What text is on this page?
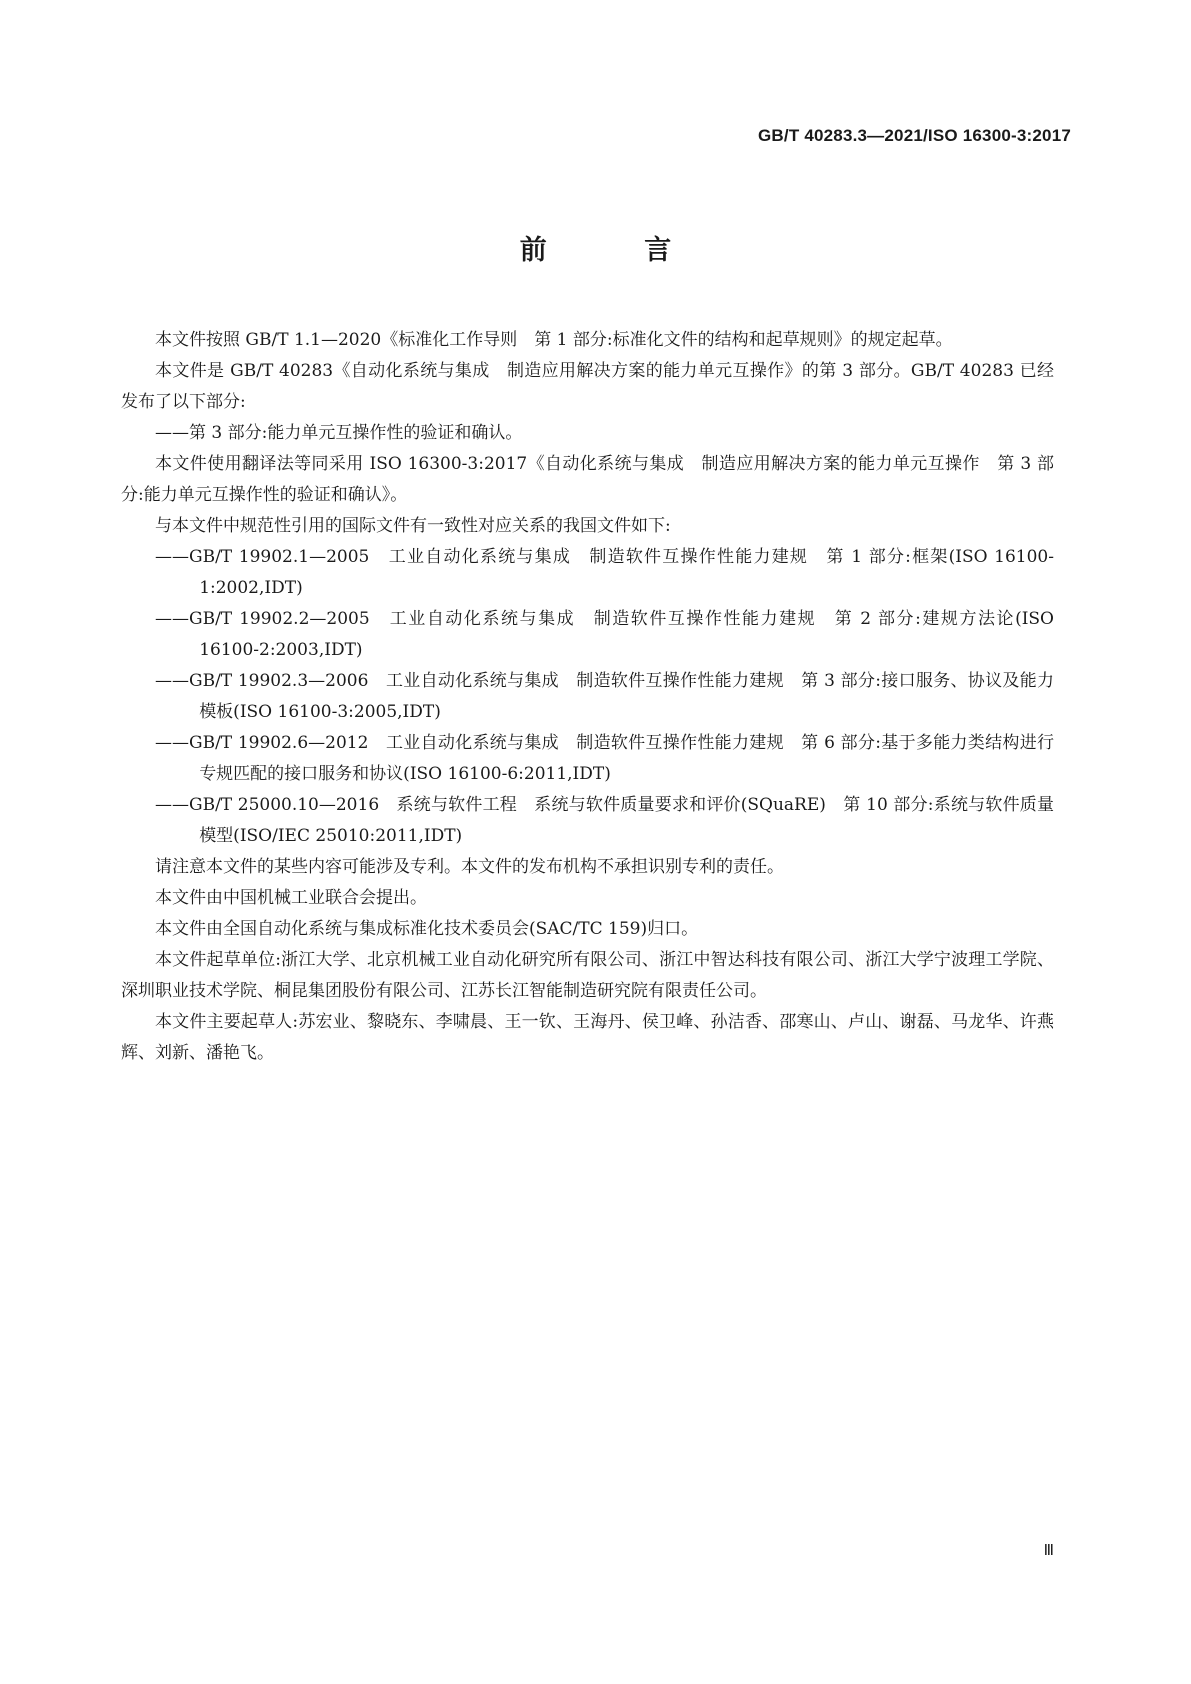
GB/T 40283.3—2021/ISO 16300-3:2017
前 言

本文件按照 GB/T 1.1—2020《标准化工作导则　第 1 部分:标准化文件的结构和起草规则》的规定起草。

本文件是 GB/T 40283《自动化系统与集成　制造应用解决方案的能力单元互操作》的第 3 部分。GB/T 40283 已经发布了以下部分:

——第 3 部分:能力单元互操作性的验证和确认。

本文件使用翻译法等同采用 ISO 16300-3:2017《自动化系统与集成　制造应用解决方案的能力单元互操作　第 3 部分:能力单元互操作性的验证和确认》。

与本文件中规范性引用的国际文件有一致性对应关系的我国文件如下:

——GB/T 19902.1—2005　工业自动化系统与集成　制造软件互操作性能力建规　第 1 部分:框架(ISO 16100-1:2002,IDT)

——GB/T 19902.2—2005　工业自动化系统与集成　制造软件互操作性能力建规　第 2 部分:建规方法论(ISO 16100-2:2003,IDT)

——GB/T 19902.3—2006　工业自动化系统与集成　制造软件互操作性能力建规　第 3 部分:接口服务、协议及能力模板(ISO 16100-3:2005,IDT)

——GB/T 19902.6—2012　工业自动化系统与集成　制造软件互操作性能力建规　第 6 部分:基于多能力类结构进行专规匹配的接口服务和协议(ISO 16100-6:2011,IDT)

——GB/T 25000.10—2016　系统与软件工程　系统与软件质量要求和评价(SQuaRE)　第 10 部分:系统与软件质量模型(ISO/IEC 25010:2011,IDT)

请注意本文件的某些内容可能涉及专利。本文件的发布机构不承担识别专利的责任。

本文件由中国机械工业联合会提出。

本文件由全国自动化系统与集成标准化技术委员会(SAC/TC 159)归口。

本文件起草单位:浙江大学、北京机械工业自动化研究所有限公司、浙江中智达科技有限公司、浙江大学宁波理工学院、深圳职业技术学院、桐昆集团股份有限公司、江苏长江智能制造研究院有限责任公司。

本文件主要起草人:苏宏业、黎晓东、李啸晨、王一钦、王海丹、侯卫峰、孙洁香、邵寒山、卢山、谢磊、马龙华、许燕辉、刘新、潘艳飞。

Ⅲ
